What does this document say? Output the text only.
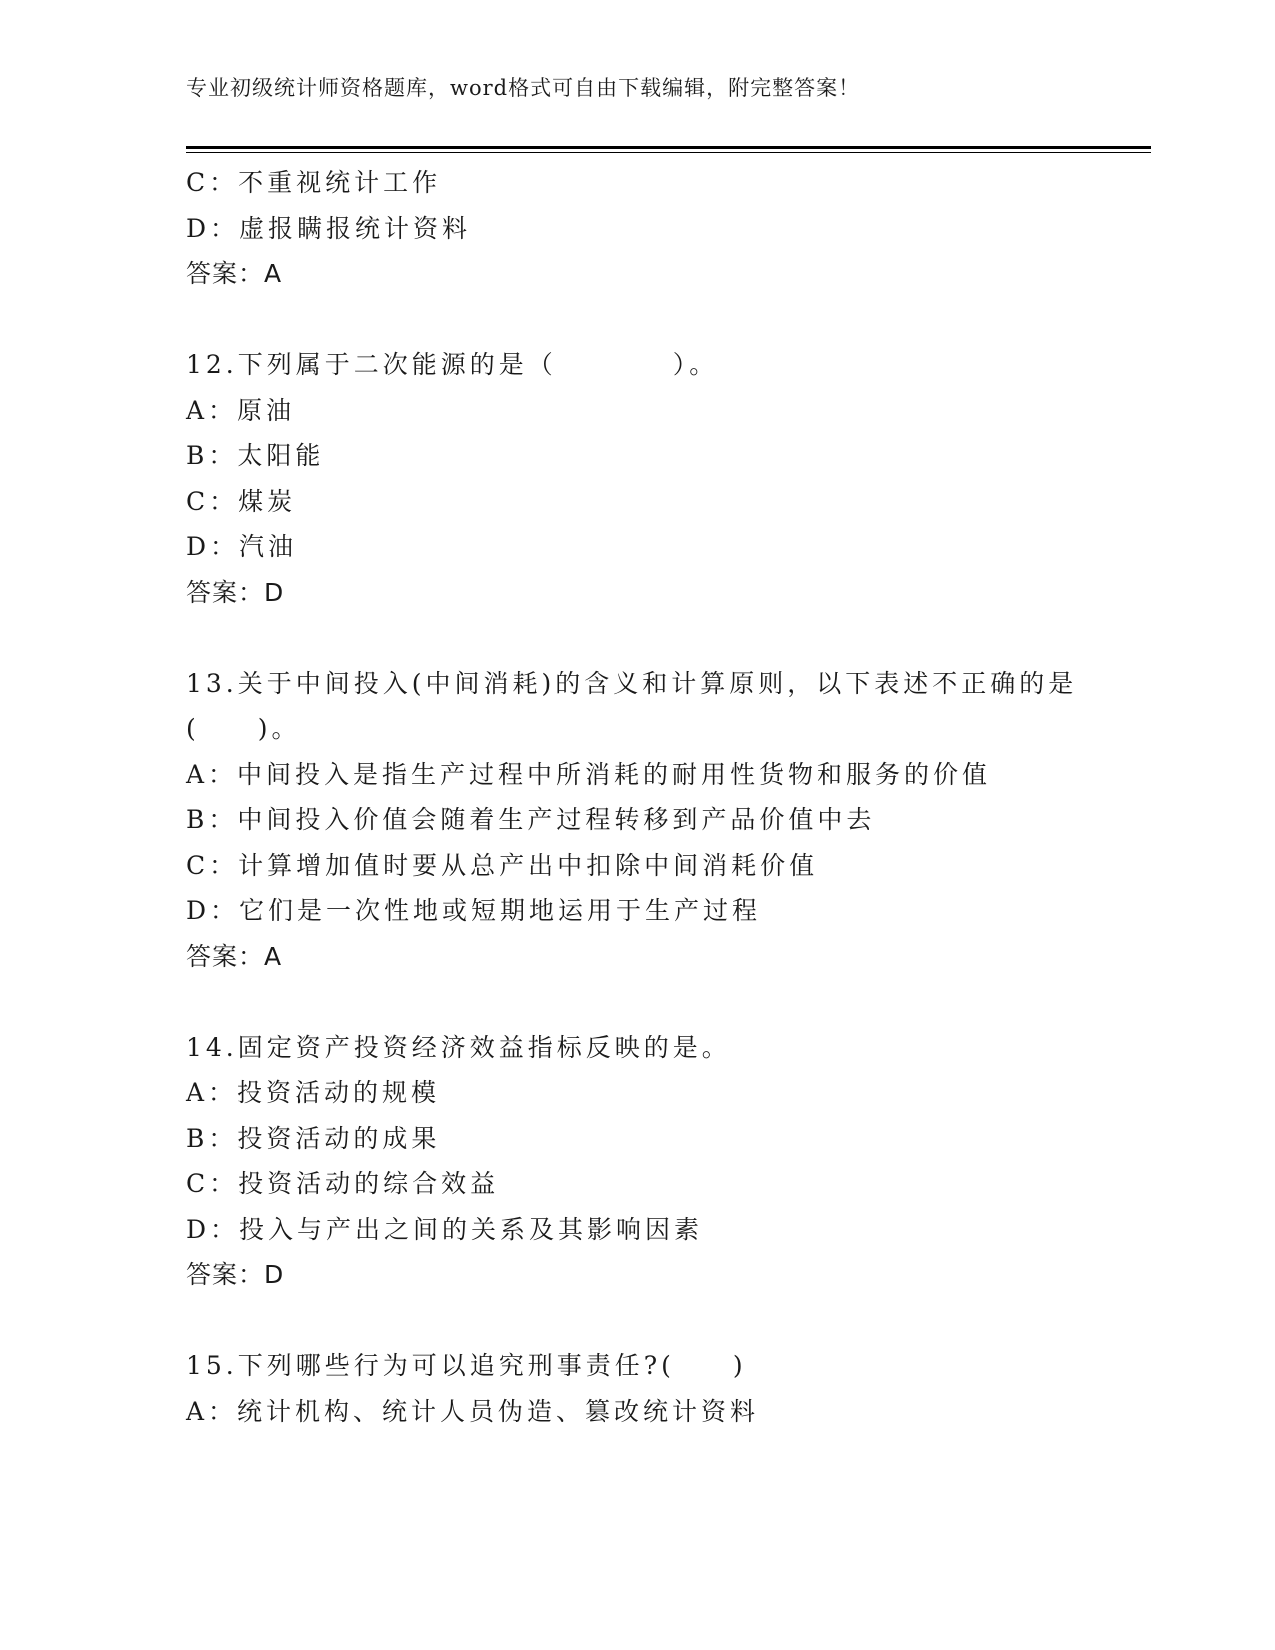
专业初级统计师资格题库，word格式可自由下载编辑，附完整答案！
C：不重视统计工作
D：虚报瞒报统计资料
答案：A
12.下列属于二次能源的是（　　　　）。
A：原油
B：太阳能
C：煤炭
D：汽油
答案：D
13.关于中间投入(中间消耗)的含义和计算原则，以下表述不正确的是
(　　)。
A：中间投入是指生产过程中所消耗的耐用性货物和服务的价值
B：中间投入价值会随着生产过程转移到产品价值中去
C：计算增加值时要从总产出中扣除中间消耗价值
D：它们是一次性地或短期地运用于生产过程
答案：A
14.固定资产投资经济效益指标反映的是。
A：投资活动的规模
B：投资活动的成果
C：投资活动的综合效益
D：投入与产出之间的关系及其影响因素
答案：D
15.下列哪些行为可以追究刑事责任?(　　)
A：统计机构、统计人员伪造、篡改统计资料
